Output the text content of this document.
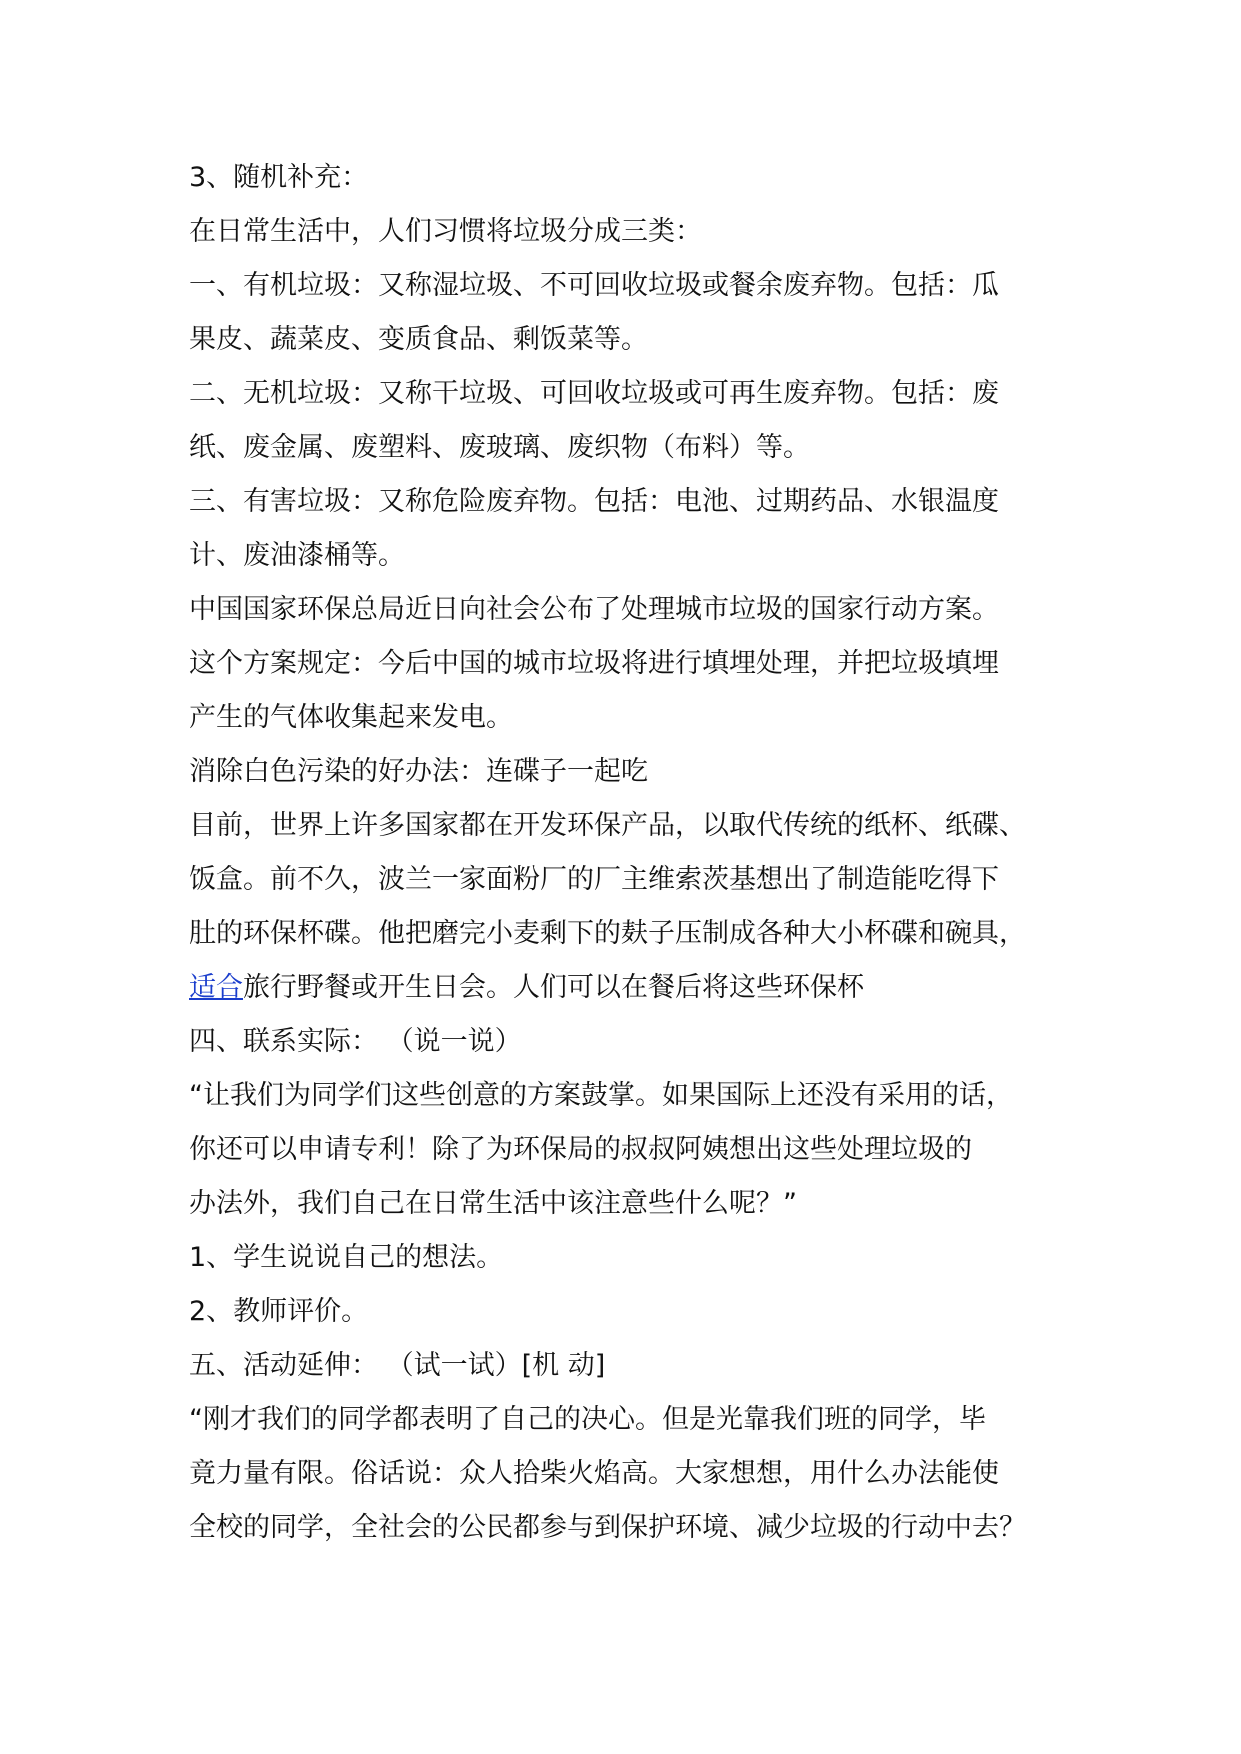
3、随机补充：
在日常生活中，人们习惯将垃圾分成三类：
一、有机垃圾：又称湿垃圾、不可回收垃圾或餐余废弃物。包括：瓜
果皮、蔬菜皮、变质食品、剩饭菜等。
二、无机垃圾：又称干垃圾、可回收垃圾或可再生废弃物。包括：废
纸、废金属、废塑料、废玻璃、废织物（布料）等。
三、有害垃圾：又称危险废弃物。包括：电池、过期药品、水银温度
计、废油漆桶等。
中国国家环保总局近日向社会公布了处理城市垃圾的国家行动方案。
这个方案规定：今后中国的城市垃圾将进行填埋处理，并把垃圾填埋
产生的气体收集起来发电。
消除白色污染的好办法：连碟子一起吃
目前，世界上许多国家都在开发环保产品，以取代传统的纸杯、纸碟、
饭盒。前不久，波兰一家面粉厂的厂主维索茨基想出了制造能吃得下
肚的环保杯碟。他把磨完小麦剩下的麸子压制成各种大小杯碟和碗具，
适合旅行野餐或开生日会。人们可以在餐后将这些环保杯
四、联系实际： （说一说）
“让我们为同学们这些创意的方案鼓掌。如果国际上还没有采用的话，
你还可以申请专利！除了为环保局的叔叔阿姨想出这些处理垃圾的
办法外，我们自己在日常生活中该注意些什么呢？”
1、学生说说自己的想法。
2、教师评价。
五、活动延伸： （试一试）[机 动]
“刚才我们的同学都表明了自己的决心。但是光靠我们班的同学，毕
竟力量有限。俗话说：众人拾柴火焰高。大家想想，用什么办法能使
全校的同学，全社会的公民都参与到保护环境、减少垃圾的行动中去？
